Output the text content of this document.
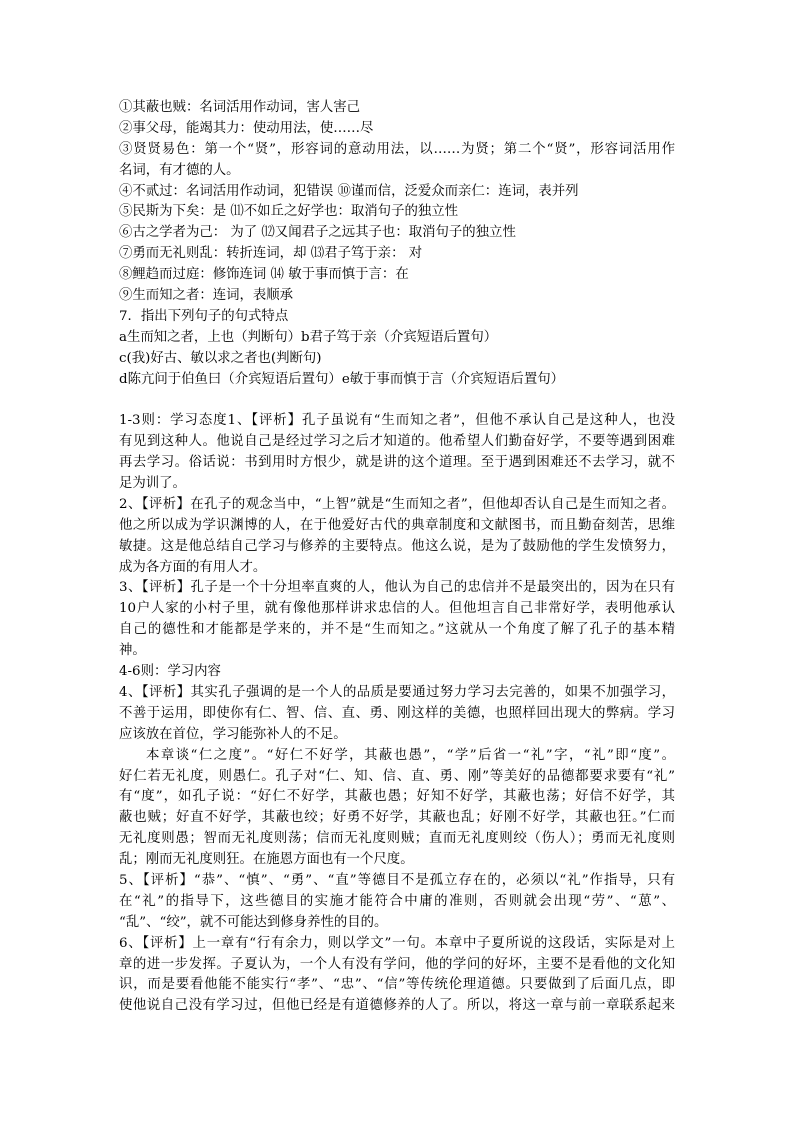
①其蔽也贼：名词活用作动词，害人害己
②事父母，能竭其力：使动用法，使……尽
③贤贤易色：第一个“贤”，形容词的意动用法，以……为贤；第二个“贤”，形容词活用作
名词，有才德的人。
④不贰过：名词活用作动词，犯错误 ⑩谨而信，泛爱众而亲仁：连词，表并列
⑤民斯为下矣：是 ⑾不如丘之好学也：取消句子的独立性
⑥古之学者为己： 为了 ⑿又闻君子之远其子也：取消句子的独立性
⑦勇而无礼则乱：转折连词，却 ⒀君子笃于亲： 对
⑧鲤趋而过庭：修饰连词 ⒁ 敏于事而慎于言：在
⑨生而知之者：连词，表顺承
7．指出下列句子的句式特点
a生而知之者，上也（判断句）b君子笃于亲（介宾短语后置句）
c(我)好古、敏以求之者也(判断句)
d陈亢问于伯鱼曰（介宾短语后置句）e敏于事而慎于言（介宾短语后置句）
1-3则：学习态度1、【评析】孔子虽说有“生而知之者”，但他不承认自己是这种人，也没
有见到这种人。他说自己是经过学习之后才知道的。他希望人们勤奋好学，不要等遇到困难
再去学习。俗话说：书到用时方恨少，就是讲的这个道理。至于遇到困难还不去学习，就不
足为训了。
2、【评析】在孔子的观念当中，“上智”就是“生而知之者”，但他却否认自己是生而知之者。
他之所以成为学识渊博的人，在于他爱好古代的典章制度和文献图书，而且勤奋刻苦，思维
敏捷。这是他总结自己学习与修养的主要特点。他这么说，是为了鼓励他的学生发愤努力，
成为各方面的有用人才。
3、【评析】孔子是一个十分坦率直爽的人，他认为自己的忠信并不是最突出的，因为在只有
10户人家的小村子里，就有像他那样讲求忠信的人。但他坦言自己非常好学，表明他承认
自己的德性和才能都是学来的，并不是“生而知之。”这就从一个角度了解了孔子的基本精
神。
4-6则：学习内容
4、【评析】其实孔子强调的是一个人的品质是要通过努力学习去完善的，如果不加强学习，
不善于运用，即使你有仁、智、信、直、勇、刚这样的美德，也照样回出现大的弊病。学习
应该放在首位，学习能弥补人的不足。
本章谈“仁之度”。“好仁不好学，其蔽也愚”，“学”后省一“礼”字，“礼”即“度”。
好仁若无礼度，则愚仁。孔子对“仁、知、信、直、勇、刚”等美好的品德都要求要有“礼”
有“度”，如孔子说：“好仁不好学，其蔽也愚；好知不好学，其蔽也荡；好信不好学，其
蔽也贼；好直不好学，其蔽也绞；好勇不好学，其蔽也乱；好刚不好学，其蔽也狂。”仁而
无礼度则愚；智而无礼度则荡；信而无礼度则贼；直而无礼度则绞（伤人）；勇而无礼度则
乱；刚而无礼度则狂。在施恩方面也有一个尺度。
5、【评析】“恭”、“慎”、“勇”、“直”等德目不是孤立存在的，必须以“礼”作指导，只有
在“礼”的指导下，这些德目的实施才能符合中庸的准则，否则就会出现“劳”、“葸”、
“乱”、“绞”，就不可能达到修身养性的目的。
6、【评析】上一章有“行有余力，则以学文”一句。本章中子夏所说的这段话，实际是对上
章的进一步发挥。子夏认为，一个人有没有学问，他的学问的好坏，主要不是看他的文化知
识，而是要看他能不能实行“孝”、“忠”、“信”等传统伦理道德。只要做到了后面几点，即
使他说自己没有学习过，但他已经是有道德修养的人了。所以，将这一章与前一章联系起来
